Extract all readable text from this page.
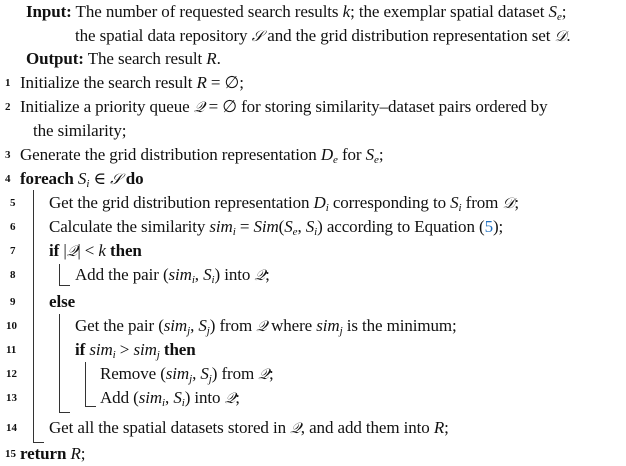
Input: The number of requested search results k; the exemplar spatial dataset $S_e$;
the spatial data repository 𝒮 and the grid distribution representation set 𝒟.
Output: The search result R.
1 Initialize the search result R = ∅;
2 Initialize a priority queue 𝒬 = ∅ for storing similarity–dataset pairs ordered by
the similarity;
3 Generate the grid distribution representation $D_e$ for $S_e$;
4 foreach $S_i$ ∈ 𝒮 do
5 Get the grid distribution representation $D_i$ corresponding to $S_i$ from 𝒟;
6 Calculate the similarity $sim_i = Sim(S_e$, $S_i$) according to Equation (5);
7 if |𝒬| < k then
8	Add the pair (sim$_i$, $S_i$) into 𝒬;
9 else
10	Get the pair (sim$_j$, $S_j$) from 𝒬 where sim$_j$ is the minimum;
11	if sim$_i$ > sim$_j$ then
12	Remove (sim$_j$, $S_j$) from 𝒬;
13	Add (sim$_i$, $S_i$) into 𝒬;
14 Get all the spatial datasets stored in 𝒬, and add them into R;
15 return R;
